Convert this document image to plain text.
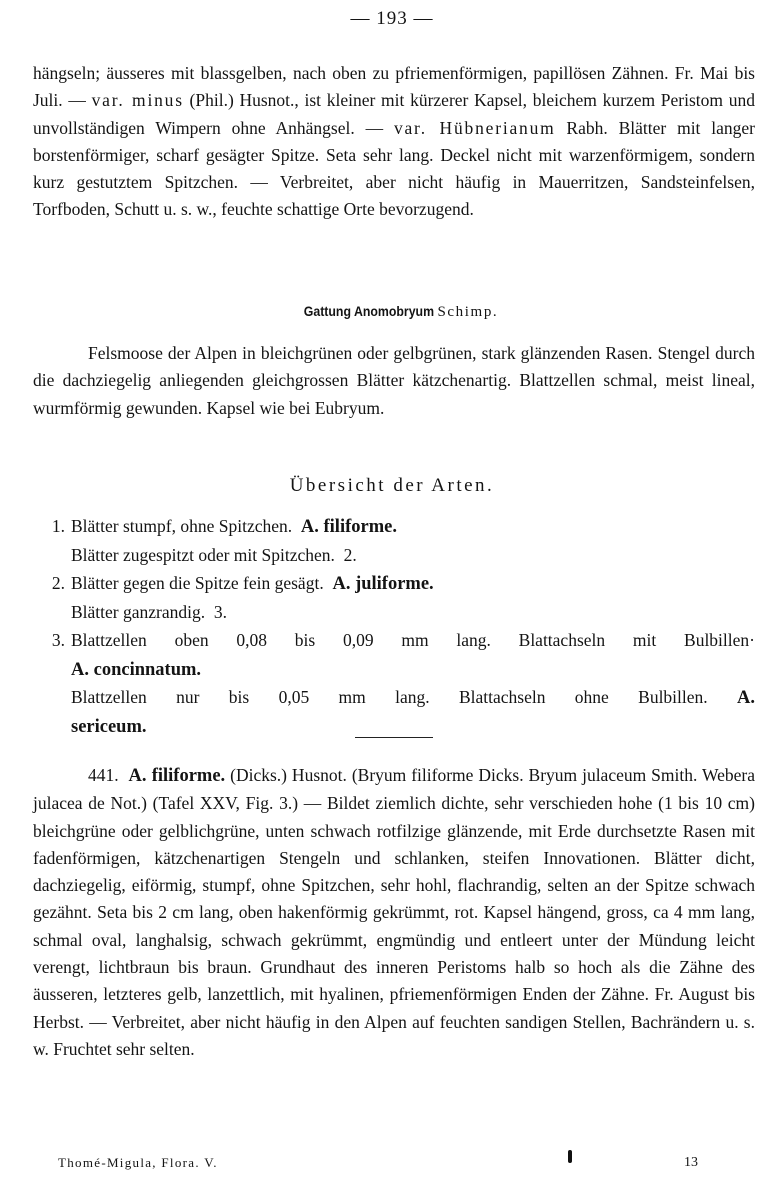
— 193 —

hängseln; äusseres mit blassgelben, nach oben zu pfriemenförmigen, papillösen Zähnen. Fr. Mai bis Juli. — var. minus (Phil.) Husnot., ist kleiner mit kürzerer Kapsel, bleichem kurzem Peristom und unvollständigen Wimpern ohne Anhängsel. — var. Hübnerianum Rabh. Blätter mit langer borstenförmiger, scharf gesägter Spitze. Seta sehr lang. Deckel nicht mit warzenförmigem, sondern kurz gestutztem Spitzchen. — Verbreitet, aber nicht häufig in Mauerritzen, Sandsteinfelsen, Torfboden, Schutt u. s. w., feuchte schattige Orte bevorzugend.

Gattung Anomobryum Schimp.

Felsmoose der Alpen in bleichgrünen oder gelbgrünen, stark glänzenden Rasen. Stengel durch die dachziegelig anliegenden gleichgrossen Blätter kätzchenartig. Blattzellen schmal, meist lineal, wurmförmig gewunden. Kapsel wie bei Eubryum.

Übersicht der Arten.
1. Blätter stumpf, ohne Spitzchen. A. filiforme.
Blätter zugespitzt oder mit Spitzchen. 2.
2. Blätter gegen die Spitze fein gesägt. A. juliforme.
Blätter ganzrandig. 3.
3. Blattzellen oben 0,08 bis 0,09 mm lang. Blattachseln mit Bulbillen·
A. concinnatum.
Blattzellen nur bis 0,05 mm lang. Blattachseln ohne Bulbillen. A.
sericeum.

441. A. filiforme. (Dicks.) Husnot. (Bryum filiforme Dicks. Bryum julaceum Smith. Webera julacea de Not.) (Tafel XXV, Fig. 3.) — Bildet ziemlich dichte, sehr verschieden hohe (1 bis 10 cm) bleichgrüne oder gelblichgrüne, unten schwach rotfilzige glänzende, mit Erde durchsetzte Rasen mit fadenförmigen, kätzchenartigen Stengeln und schlanken, steifen Innovationen. Blätter dicht, dachziegelig, eiförmig, stumpf, ohne Spitzchen, sehr hohl, flachrandig, selten an der Spitze schwach gezähnt. Seta bis 2 cm lang, oben hakenförmig gekrümmt, rot. Kapsel hängend, gross, ca 4 mm lang, schmal oval, langhalsig, schwach gekrümmt, engmündig und entleert unter der Mündung leicht verengt, lichtbraun bis braun. Grundhaut des inneren Peristoms halb so hoch als die Zähne des äusseren, letzteres gelb, lanzettlich, mit hyalinen, pfriemenförmigen Enden der Zähne. Fr. August bis Herbst. — Verbreitet, aber nicht häufig in den Alpen auf feuchten sandigen Stellen, Bachrändern u. s. w. Fruchtet sehr selten.

Thomé-Migula, Flora. V.	13
